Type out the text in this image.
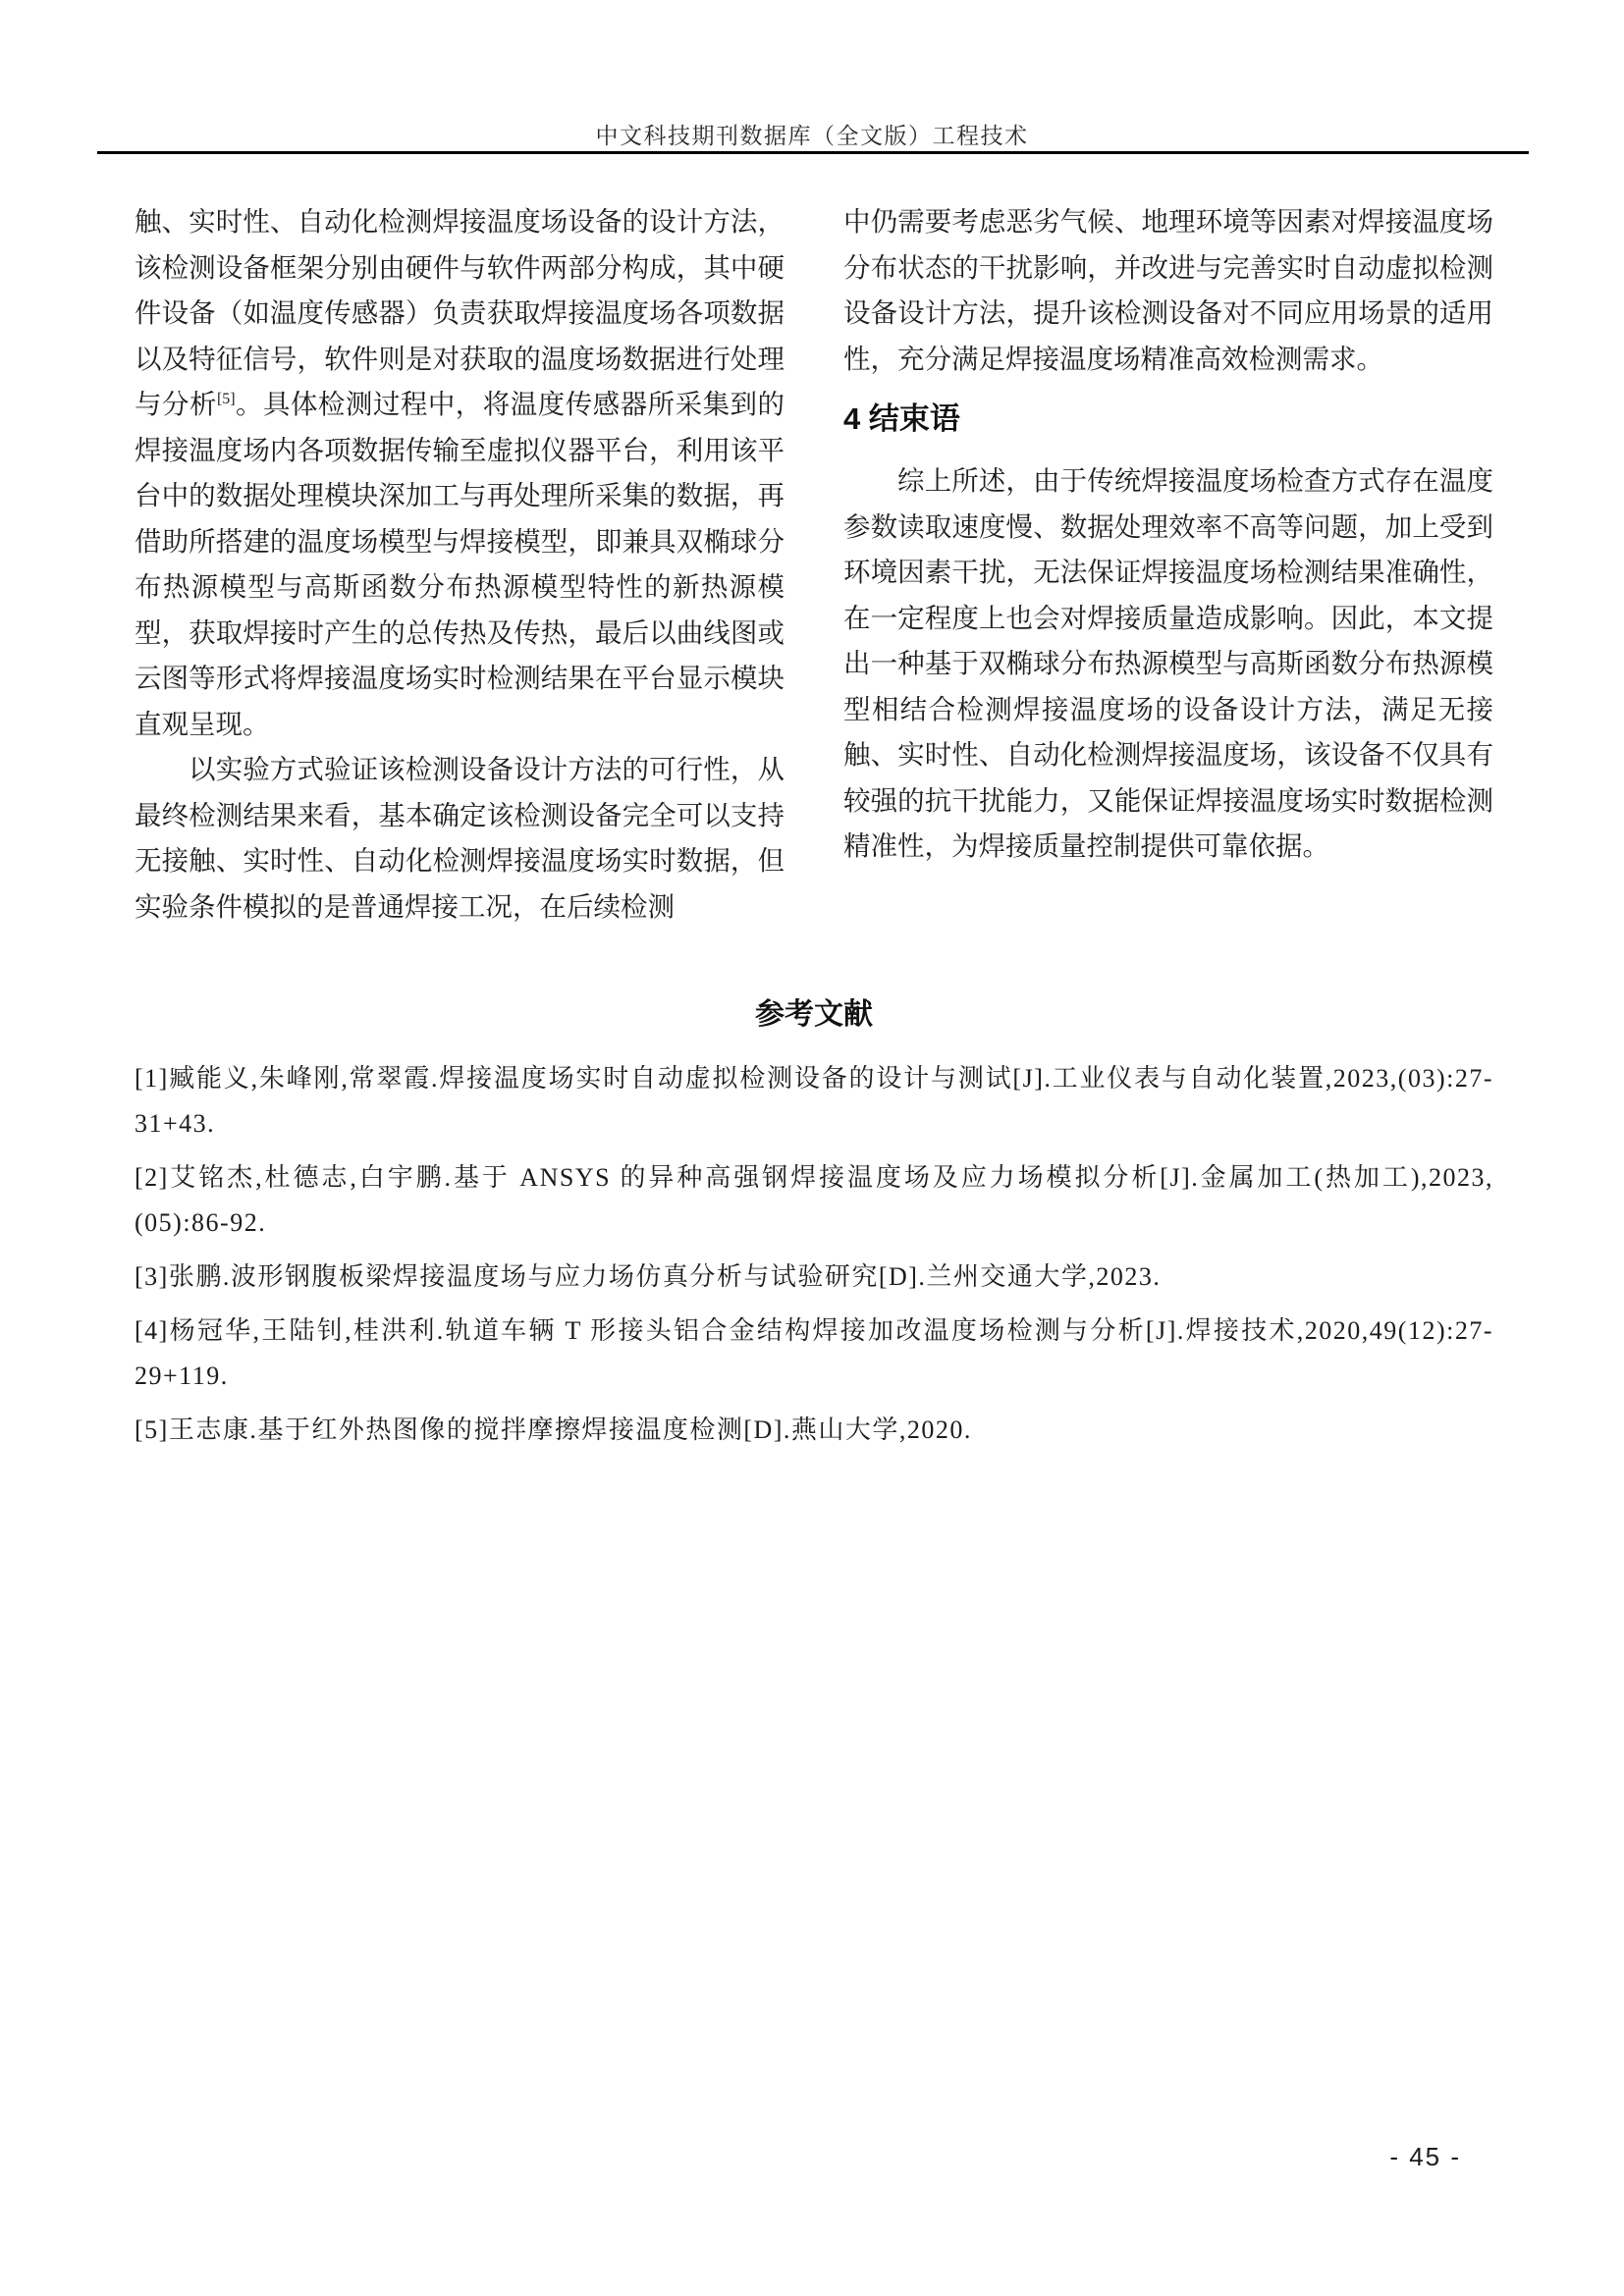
中文科技期刊数据库（全文版）工程技术

触、实时性、自动化检测焊接温度场设备的设计方法，该检测设备框架分别由硬件与软件两部分构成，其中硬件设备（如温度传感器）负责获取焊接温度场各项数据以及特征信号，软件则是对获取的温度场数据进行处理与分析[5]。具体检测过程中，将温度传感器所采集到的焊接温度场内各项数据传输至虚拟仪器平台，利用该平台中的数据处理模块深加工与再处理所采集的数据，再借助所搭建的温度场模型与焊接模型，即兼具双椭球分布热源模型与高斯函数分布热源模型特性的新热源模型，获取焊接时产生的总传热及传热，最后以曲线图或云图等形式将焊接温度场实时检测结果在平台显示模块直观呈现。

以实验方式验证该检测设备设计方法的可行性，从最终检测结果来看，基本确定该检测设备完全可以支持无接触、实时性、自动化检测焊接温度场实时数据，但实验条件模拟的是普通焊接工况，在后续检测

中仍需要考虑恶劣气候、地理环境等因素对焊接温度场分布状态的干扰影响，并改进与完善实时自动虚拟检测设备设计方法，提升该检测设备对不同应用场景的适用性，充分满足焊接温度场精准高效检测需求。

4 结束语

综上所述，由于传统焊接温度场检查方式存在温度参数读取速度慢、数据处理效率不高等问题，加上受到环境因素干扰，无法保证焊接温度场检测结果准确性，在一定程度上也会对焊接质量造成影响。因此，本文提出一种基于双椭球分布热源模型与高斯函数分布热源模型相结合检测焊接温度场的设备设计方法，满足无接触、实时性、自动化检测焊接温度场，该设备不仅具有较强的抗干扰能力，又能保证焊接温度场实时数据检测精准性，为焊接质量控制提供可靠依据。

参考文献

[1]臧能义,朱峰刚,常翠霞.焊接温度场实时自动虚拟检测设备的设计与测试[J].工业仪表与自动化装置,2023,(03):27-31+43.

[2]艾铭杰,杜德志,白宇鹏.基于 ANSYS 的异种高强钢焊接温度场及应力场模拟分析[J].金属加工(热加工),2023,(05):86-92.

[3]张鹏.波形钢腹板梁焊接温度场与应力场仿真分析与试验研究[D].兰州交通大学,2023.

[4]杨冠华,王陆钊,桂洪利.轨道车辆 T 形接头铝合金结构焊接加改温度场检测与分析[J].焊接技术,2020,49(12):27-29+119.

[5]王志康.基于红外热图像的搅拌摩擦焊接温度检测[D].燕山大学,2020.

- 45 -
